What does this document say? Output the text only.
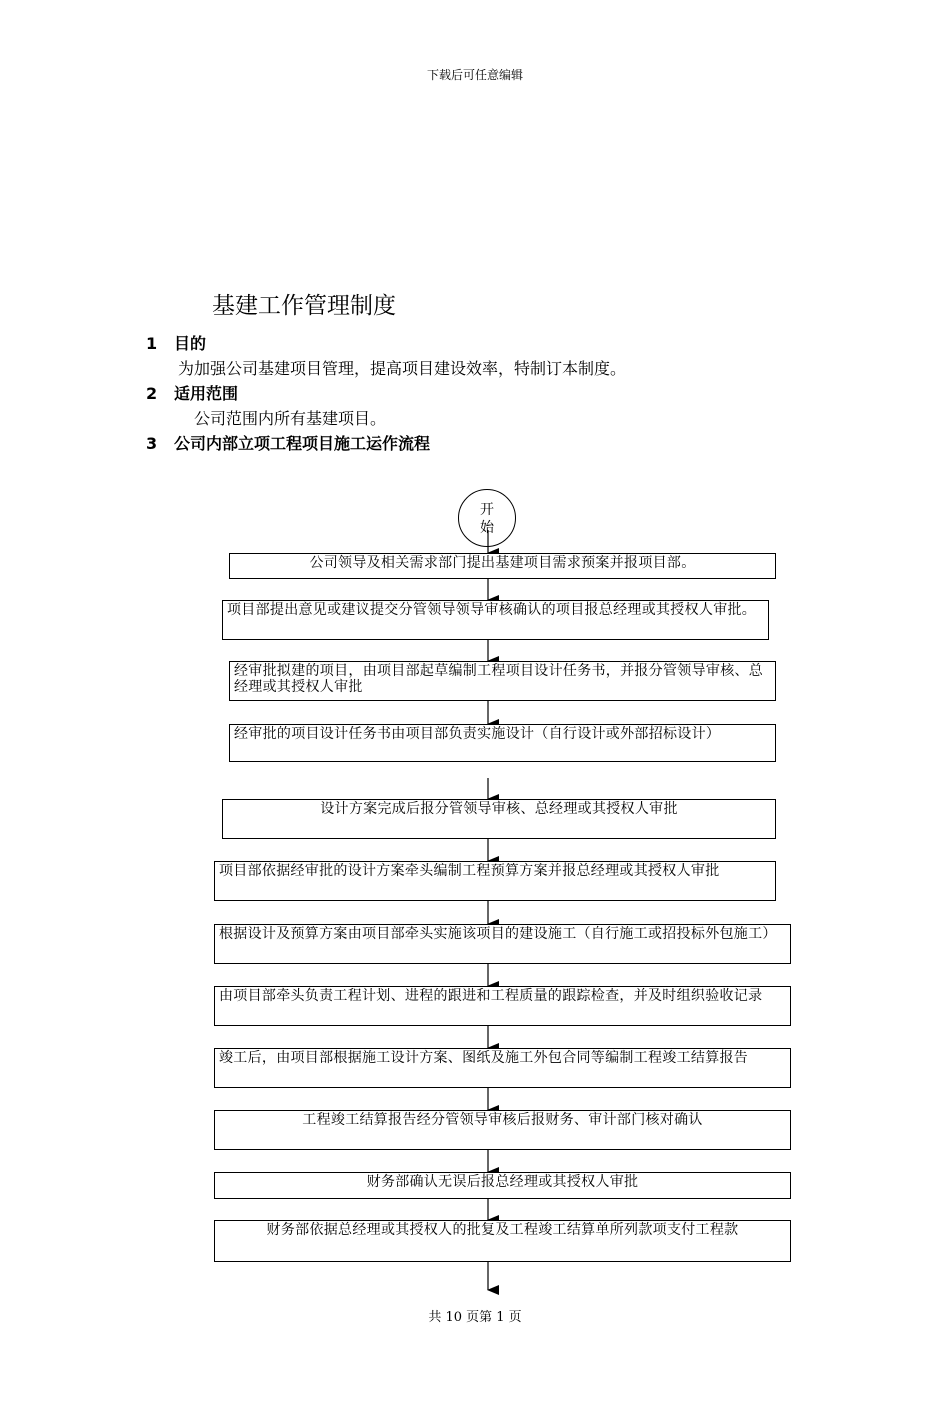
下载后可任意编辑
基建工作管理制度
1 目的
为加强公司基建项目管理，提高项目建设效率，特制订本制度。
2 适用范围
公司范围内所有基建项目。
3 公司内部立项工程项目施工运作流程
开
始
公司领导及相关需求部门提出基建项目需求预案并报项目部。
项目部提出意见或建议提交分管领导领导审核确认的项目报总经理或其授权人审批。
经审批拟建的项目，由项目部起草编制工程项目设计任务书，并报分管领导审核、总经理或其授权人审批
经审批的项目设计任务书由项目部负责实施设计（自行设计或外部招标设计）
设计方案完成后报分管领导审核、总经理或其授权人审批
项目部依据经审批的设计方案牵头编制工程预算方案并报总经理或其授权人审批
根据设计及预算方案由项目部牵头实施该项目的建设施工（自行施工或招投标外包施工）
由项目部牵头负责工程计划、进程的跟进和工程质量的跟踪检查，并及时组织验收记录
竣工后，由项目部根据施工设计方案、图纸及施工外包合同等编制工程竣工结算报告
工程竣工结算报告经分管领导审核后报财务、审计部门核对确认
财务部确认无误后报总经理或其授权人审批
财务部依据总经理或其授权人的批复及工程竣工结算单所列款项支付工程款
共 10 页第 1 页
